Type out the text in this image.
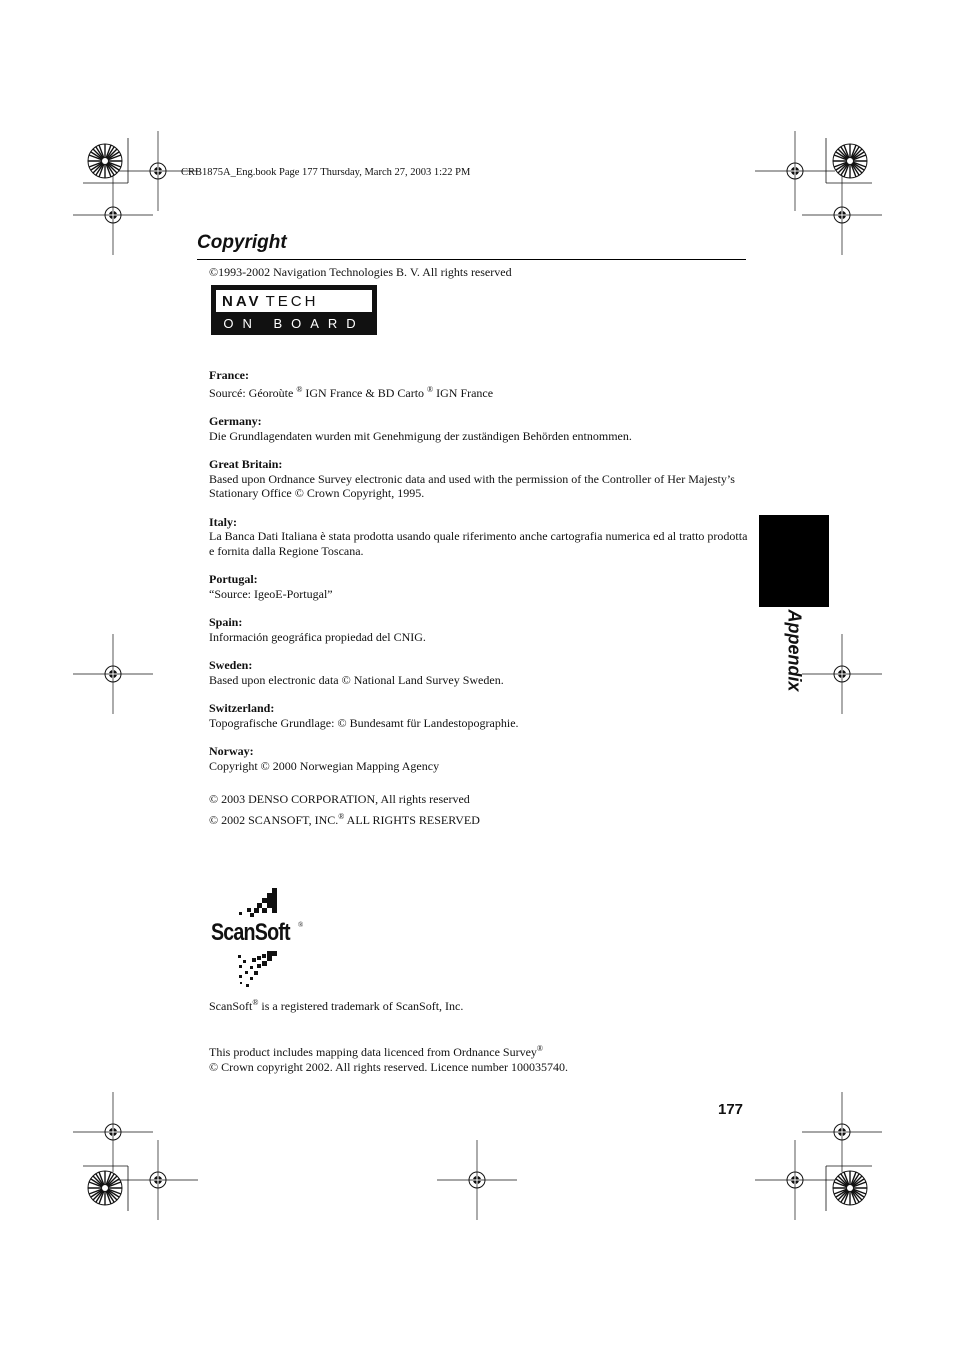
CRB1875A_Eng.book Page 177 Thursday, March 27, 2003 1:22 PM
Copyright
©1993-2002 Navigation Technologies B. V. All rights reserved
NAV TECH
ON BOARD
France:
Sourcé: Géoroùte ® IGN France & BD Carto ® IGN France
Germany:
Die Grundlagendaten wurden mit Genehmigung der zuständigen Behörden entnommen.
Great Britain:
Based upon Ordnance Survey electronic data and used with the permission of the Controller of Her Majesty’s Stationary Office © Crown Copyright, 1995.
Italy:
La Banca Dati Italiana è stata prodotta usando quale riferimento anche cartografia numerica ed al tratto prodotta e fornita dalla Regione Toscana.
Portugal:
“Source: IgeoE-Portugal”
Spain:
Información geográfica propiedad del CNIG.
Sweden:
Based upon electronic data © National Land Survey Sweden.
Switzerland:
Topografische Grundlage: © Bundesamt für Landestopographie.
Norway:
Copyright © 2000 Norwegian Mapping Agency
© 2003 DENSO CORPORATION, All rights reserved
© 2002 SCANSOFT, INC.® ALL RIGHTS RESERVED
ScanSoft ®
ScanSoft® is a registered trademark of ScanSoft, Inc.
This product includes mapping data licenced from Ordnance Survey®
© Crown copyright 2002. All rights reserved. Licence number 100035740.
177
Appendix
